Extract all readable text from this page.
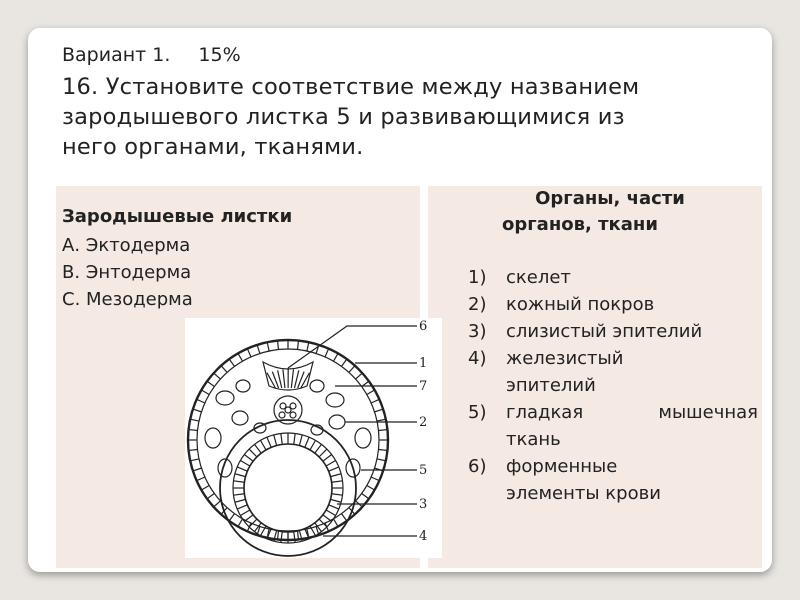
Вариант 1. 15%

16. Установите соответствие между названием
зародышевого листка 5 и развивающимися из
него органами, тканями.

Зародышевые листки
А. Эктодерма
В. Энтодерма
С. Мезодерма
Органы, части
органов, ткани
1)	скелет
2)	кожный покров
3)	слизистый эпителий
4)	железистый
эпителий
5)	гладкая мышечная
ткань
6)	форменные
элементы крови
6
1
7
2
5
3
4
